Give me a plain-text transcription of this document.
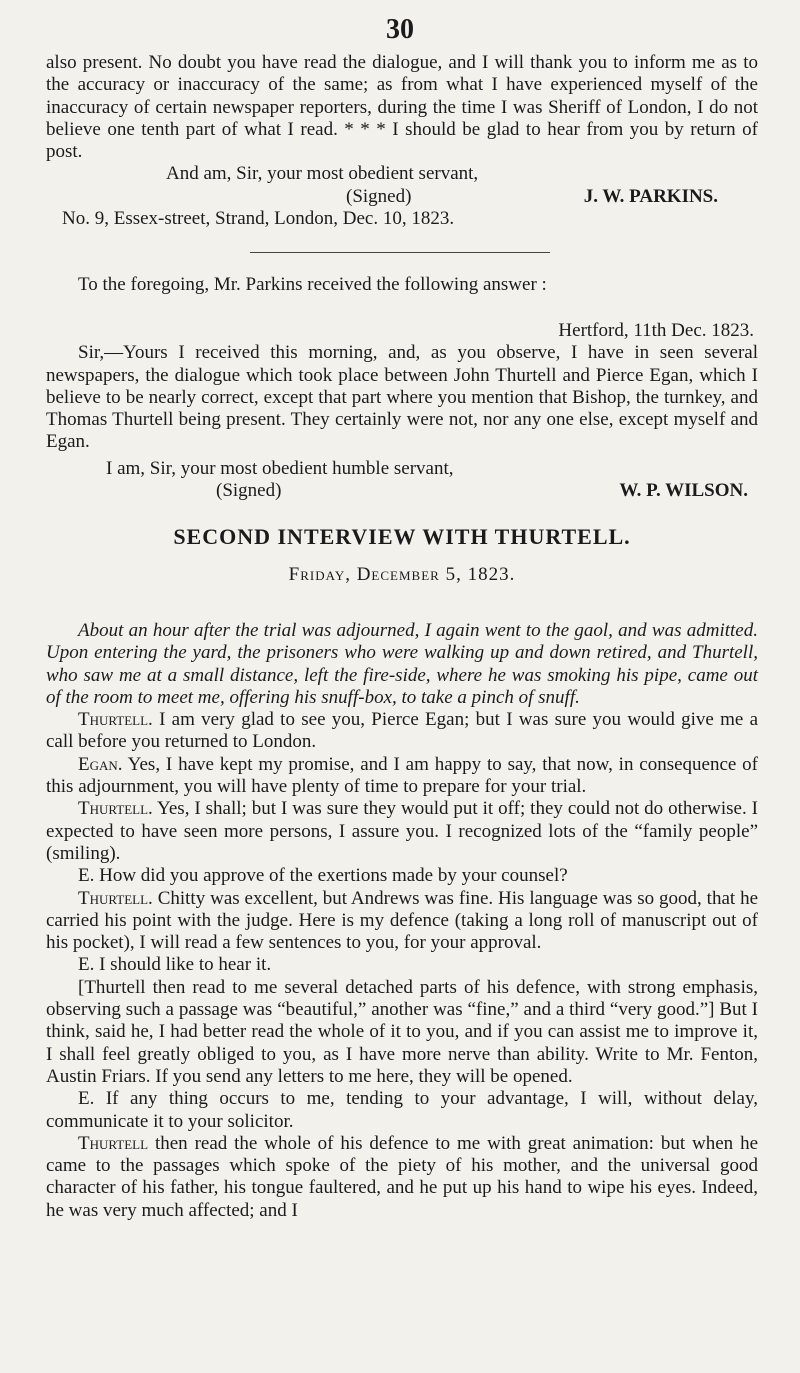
30

also present. No doubt you have read the dialogue, and I will thank you to inform me as to the accuracy or inaccuracy of the same; as from what I have experienced myself of the inaccuracy of certain newspaper reporters, during the time I was Sheriff of London, I do not believe one tenth part of what I read. * * * I should be glad to hear from you by return of post.

And am, Sir, your most obedient servant,

(Signed)	J. W. PARKINS.

No. 9, Essex-street, Strand, London, Dec. 10, 1823.

To the foregoing, Mr. Parkins received the following answer :

Hertford, 11th Dec. 1823.

Sir,—Yours I received this morning, and, as you observe, I have in seen several newspapers, the dialogue which took place between John Thurtell and Pierce Egan, which I believe to be nearly correct, except that part where you mention that Bishop, the turnkey, and Thomas Thurtell being present. They certainly were not, nor any one else, except myself and Egan.

I am, Sir, your most obedient humble servant,

(Signed)	W. P. WILSON.
SECOND INTERVIEW WITH THURTELL.
Friday, December 5, 1823.

About an hour after the trial was adjourned, I again went to the gaol, and was admitted. Upon entering the yard, the prisoners who were walking up and down retired, and Thurtell, who saw me at a small distance, left the fire-side, where he was smoking his pipe, came out of the room to meet me, offering his snuff-box, to take a pinch of snuff.

Thurtell. I am very glad to see you, Pierce Egan; but I was sure you would give me a call before you returned to London.

Egan. Yes, I have kept my promise, and I am happy to say, that now, in consequence of this adjournment, you will have plenty of time to prepare for your trial.

Thurtell. Yes, I shall; but I was sure they would put it off; they could not do otherwise. I expected to have seen more persons, I assure you. I recognized lots of the “family people” (smiling).

E. How did you approve of the exertions made by your counsel?

Thurtell. Chitty was excellent, but Andrews was fine. His language was so good, that he carried his point with the judge. Here is my defence (taking a long roll of manuscript out of his pocket), I will read a few sentences to you, for your approval.

E. I should like to hear it.

[Thurtell then read to me several detached parts of his defence, with strong emphasis, observing such a passage was “beautiful,” another was “fine,” and a third “very good.”] But I think, said he, I had better read the whole of it to you, and if you can assist me to improve it, I shall feel greatly obliged to you, as I have more nerve than ability. Write to Mr. Fenton, Austin Friars. If you send any letters to me here, they will be opened.

E. If any thing occurs to me, tending to your advantage, I will, without delay, communicate it to your solicitor.

Thurtell then read the whole of his defence to me with great animation: but when he came to the passages which spoke of the piety of his mother, and the universal good character of his father, his tongue faultered, and he put up his hand to wipe his eyes. Indeed, he was very much affected; and I
